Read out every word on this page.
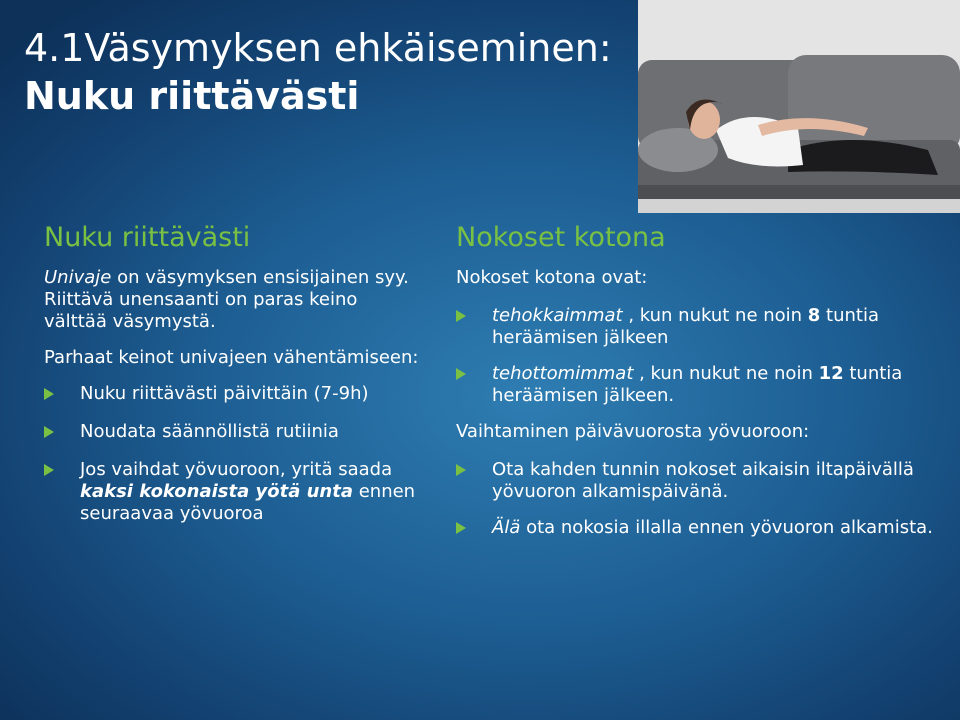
4.1Väsymyksen ehkäiseminen:
Nuku riittävästi
Nuku riittävästi

Univaje on väsymyksen ensisijainen syy. Riittävä unensaanti on paras keino välttää väsymystä.

Parhaat keinot univajeen vähentämiseen:

Nuku riittävästi päivittäin (7-9h)
Noudata säännöllistä rutiinia
Jos vaihdat yövuoroon, yritä saada kaksi kokonaista yötä unta ennen seuraavaa yövuoroa
Nokoset kotona

Nokoset kotona ovat:

tehokkaimmat , kun nukut ne noin 8 tuntia heräämisen jälkeen
tehottomimmat , kun nukut ne noin 12 tuntia heräämisen jälkeen.

Vaihtaminen päivävuorosta yövuoroon:

Ota kahden tunnin nokoset aikaisin iltapäivällä yövuoron alkamispäivänä.
Älä ota nokosia illalla ennen yövuoron alkamista.
